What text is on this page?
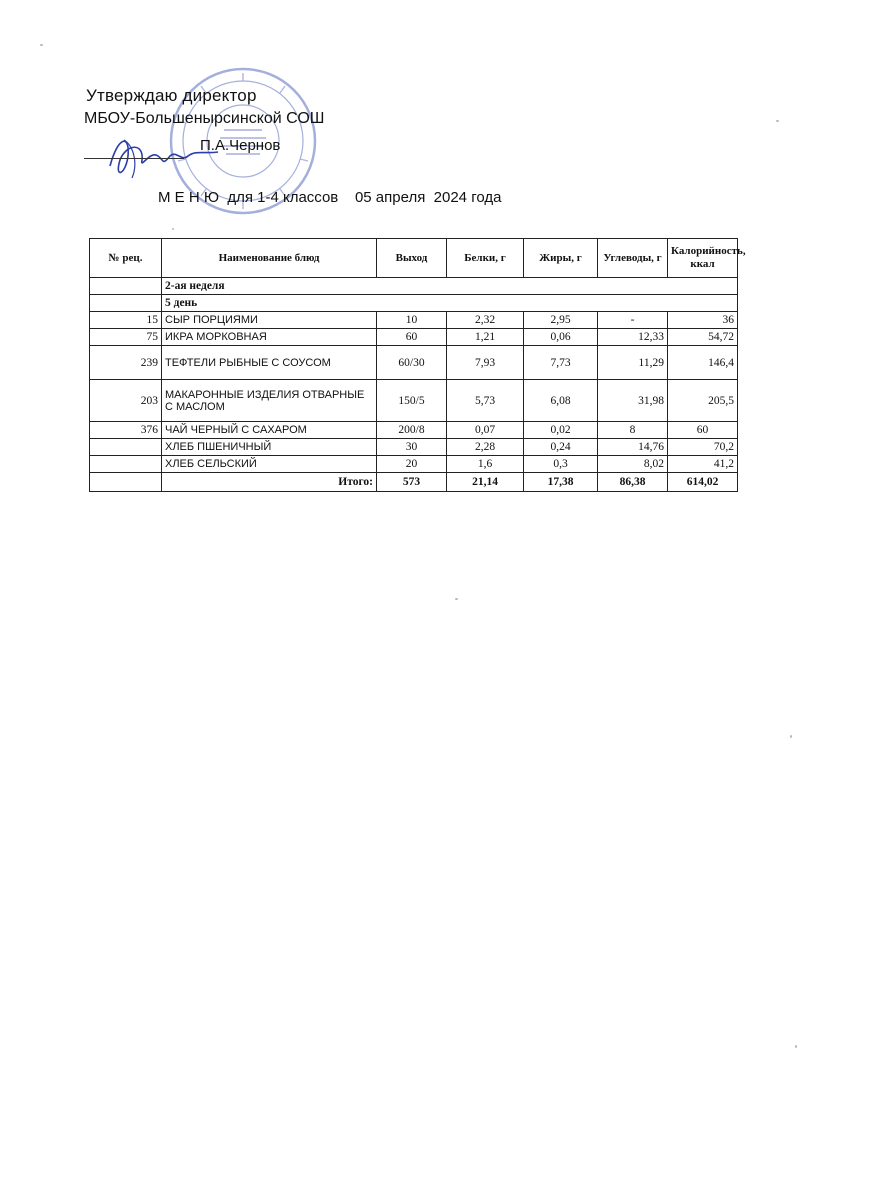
Утверждаю директор
МБОУ-Большенырсинской СОШ
П.А.Чернов
М Е Н Ю  для 1-4 классов    05 апреля  2024 года
№ рец.	Наименование блюд	Выход	Белки, г	Жиры, г	Углеводы, г	Калорийность, ккал
	2-ая неделя					
	5 день					
15	СЫР ПОРЦИЯМИ	10	2,32	2,95	-	36
75	ИКРА МОРКОВНАЯ	60	1,21	0,06	12,33	54,72
239	ТЕФТЕЛИ РЫБНЫЕ С СОУСОМ	60/30	7,93	7,73	11,29	146,4
203	МАКАРОННЫЕ ИЗДЕЛИЯ ОТВАРНЫЕ С МАСЛОМ	150/5	5,73	6,08	31,98	205,5
376	ЧАЙ ЧЕРНЫЙ С САХАРОМ	200/8	0,07	0,02	8	60
	ХЛЕБ ПШЕНИЧНЫЙ	30	2,28	0,24	14,76	70,2
	ХЛЕБ СЕЛЬСКИЙ	20	1,6	0,3	8,02	41,2
	Итого:	573	21,14	17,38	86,38	614,02
